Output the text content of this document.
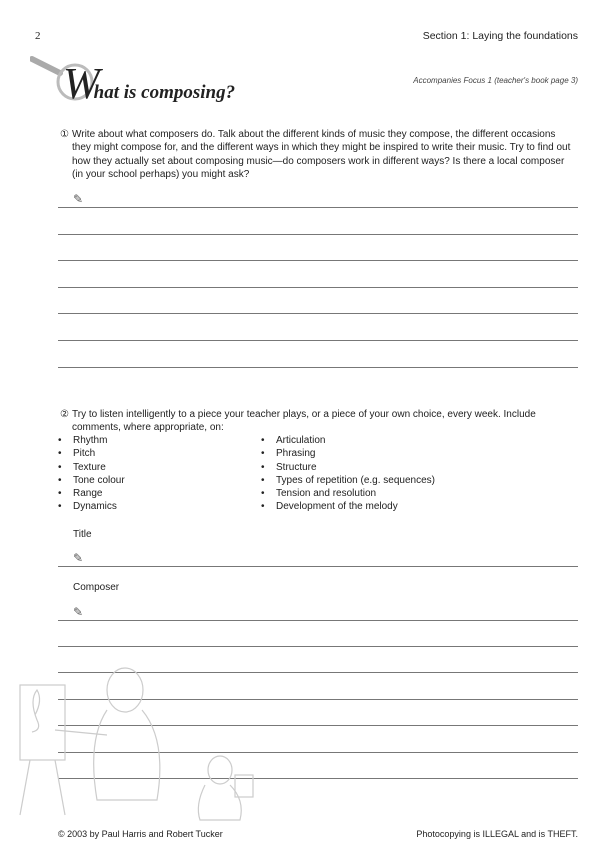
2	Section 1: Laying the foundations
What is composing?
Accompanies Focus 1 (teacher's book page 3)
① Write about what composers do. Talk about the different kinds of music they compose, the different occasions they might compose for, and the different ways in which they might be inspired to write their music. Try to find out how they actually set about composing music—do composers work in different ways? Is there a local composer (in your school perhaps) you might ask?
✎
② Try to listen intelligently to a piece your teacher plays, or a piece of your own choice, every week. Include comments, where appropriate, on:
• Rhythm
• Pitch
• Texture
• Tone colour
• Range
• Dynamics
• Articulation
• Phrasing
• Structure
• Types of repetition (e.g. sequences)
• Tension and resolution
• Development of the melody
Title
✎
Composer
✎
© 2003 by Paul Harris and Robert Tucker	Photocopying is ILLEGAL and is THEFT.
